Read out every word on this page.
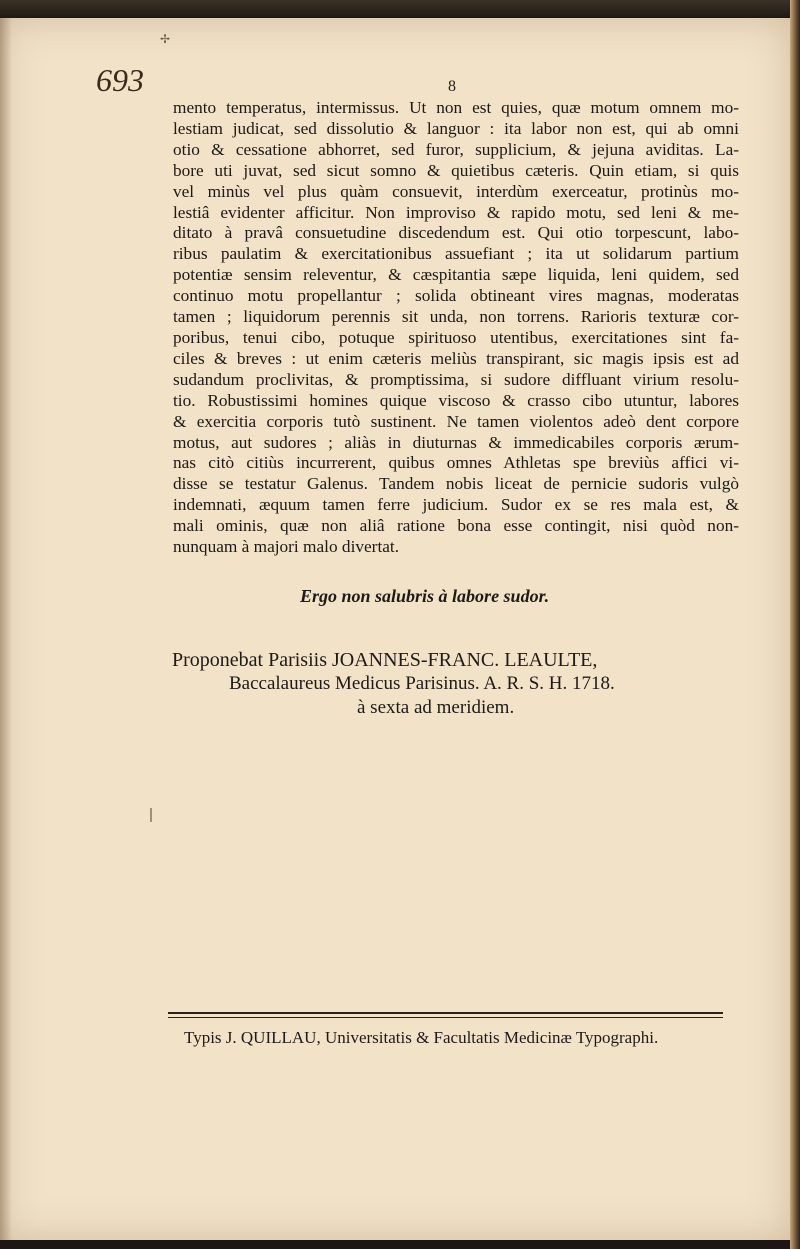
✢
693	8
mento temperatus, intermissus. Ut non est quies, quæ motum omnem mo-
lestiam judicat, sed dissolutio & languor : ita labor non est, qui ab omni
otio & cessatione abhorret, sed furor, supplicium, & jejuna aviditas. La-
bore uti juvat, sed sicut somno & quietibus cæteris. Quin etiam, si quis
vel minùs vel plus quàm consuevit, interdùm exerceatur, protinùs mo-
lestiâ evidenter afficitur. Non improviso & rapido motu, sed leni & me-
ditato à pravâ consuetudine discedendum est. Qui otio torpescunt, labo-
ribus paulatim & exercitationibus assuefiant ; ita ut solidarum partium
potentiæ sensim releventur, & cæspitantia sæpe liquida, leni quidem, sed
continuo motu propellantur ; solida obtineant vires magnas, moderatas
tamen ; liquidorum perennis sit unda, non torrens. Rarioris texturæ cor-
poribus, tenui cibo, potuque spirituoso utentibus, exercitationes sint fa-
ciles & breves : ut enim cæteris meliùs transpirant, sic magis ipsis est ad
sudandum proclivitas, & promptissima, si sudore diffluant virium resolu-
tio. Robustissimi homines quique viscoso & crasso cibo utuntur, labores
& exercitia corporis tutò sustinent. Ne tamen violentos adeò dent corpore
motus, aut sudores ; aliàs in diuturnas & immedicabiles corporis ærum-
nas citò citiùs incurrerent, quibus omnes Athletas spe breviùs affici vi-
disse se testatur Galenus. Tandem nobis liceat de pernicie sudoris vulgò
indemnati, æquum tamen ferre judicium. Sudor ex se res mala est, &
mali ominis, quæ non aliâ ratione bona esse contingit, nisi quòd non-
nunquam à majori malo divertat.
Ergo non salubris à labore sudor.
Proponebat Parisiis JOANNES-FRANC. LEAULTE,
Baccalaureus Medicus Parisinus. A. R. S. H. 1718.
à sexta ad meridiem.
Typis J. QUILLAU, Universitatis & Facultatis Medicinæ Typographi.
